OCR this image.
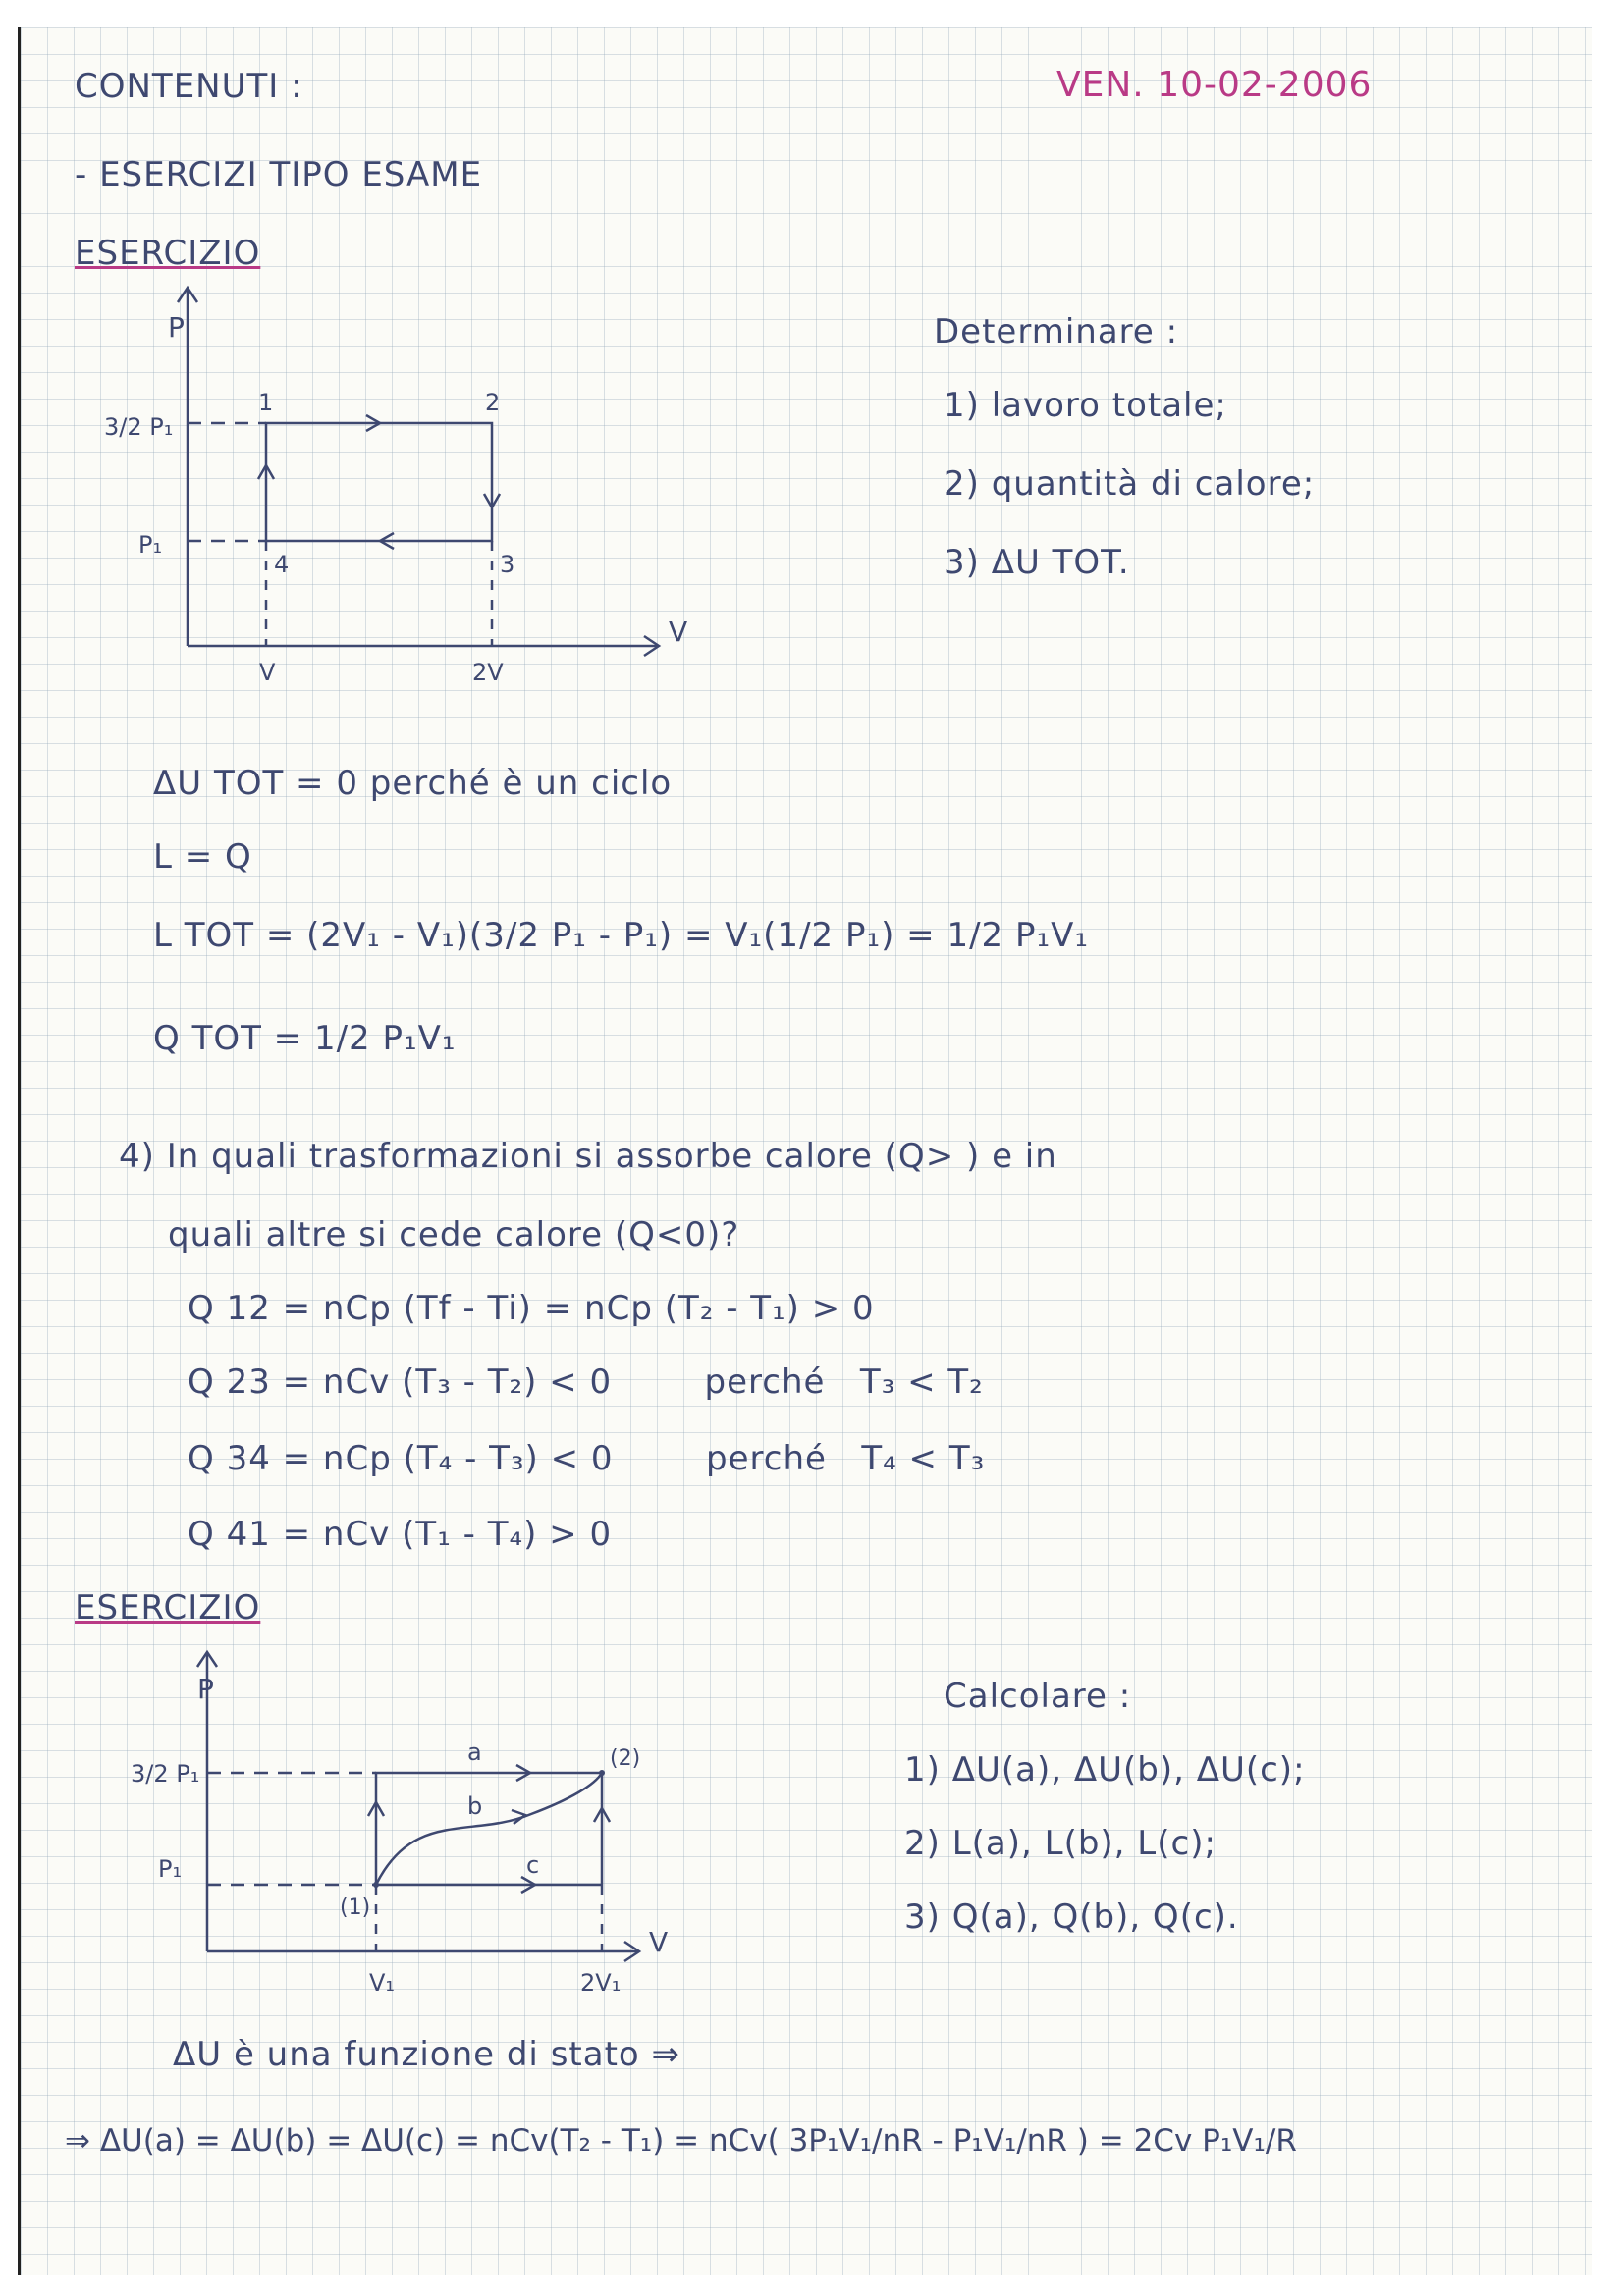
CONTENUTI :	VEN. 10-02-2006
- ESERCIZI TIPO ESAME
ESERCIZIO
P
V
3/2 P₁
P₁
V	2V
1	2
3
4
Determinare :
1) lavoro totale;
2) quantità di calore;
3) ΔU TOT.
ΔU TOT = 0 perché è un ciclo
L = Q
L TOT = (2V₁ - V₁)(3/2 P₁ - P₁) = V₁(1/2 P₁) = 1/2 P₁V₁
Q TOT = 1/2 P₁V₁
4) In quali trasformazioni si assorbe calore (Q> ) e in
quali altre si cede calore (Q<0)?
Q 12 = nCp (Tf - Ti) = nCp (T₂ - T₁) > 0
Q 23 = nCv (T₃ - T₂) < 0        perché   T₃ < T₂
Q 34 = nCp (T₄ - T₃) < 0        perché   T₄ < T₃
Q 41 = nCv (T₁ - T₄) > 0
ESERCIZIO
P
V
3/2 P₁
P₁
V₁	2V₁
(1)
(2)
a
b
c
Calcolare :
1) ΔU(a), ΔU(b), ΔU(c);
2) L(a), L(b), L(c);
3) Q(a), Q(b), Q(c).
ΔU è una funzione di stato ⇒
⇒ ΔU(a) = ΔU(b) = ΔU(c) = nCv(T₂ - T₁) = nCv( 3P₁V₁/nR - P₁V₁/nR ) = 2Cv P₁V₁/R
